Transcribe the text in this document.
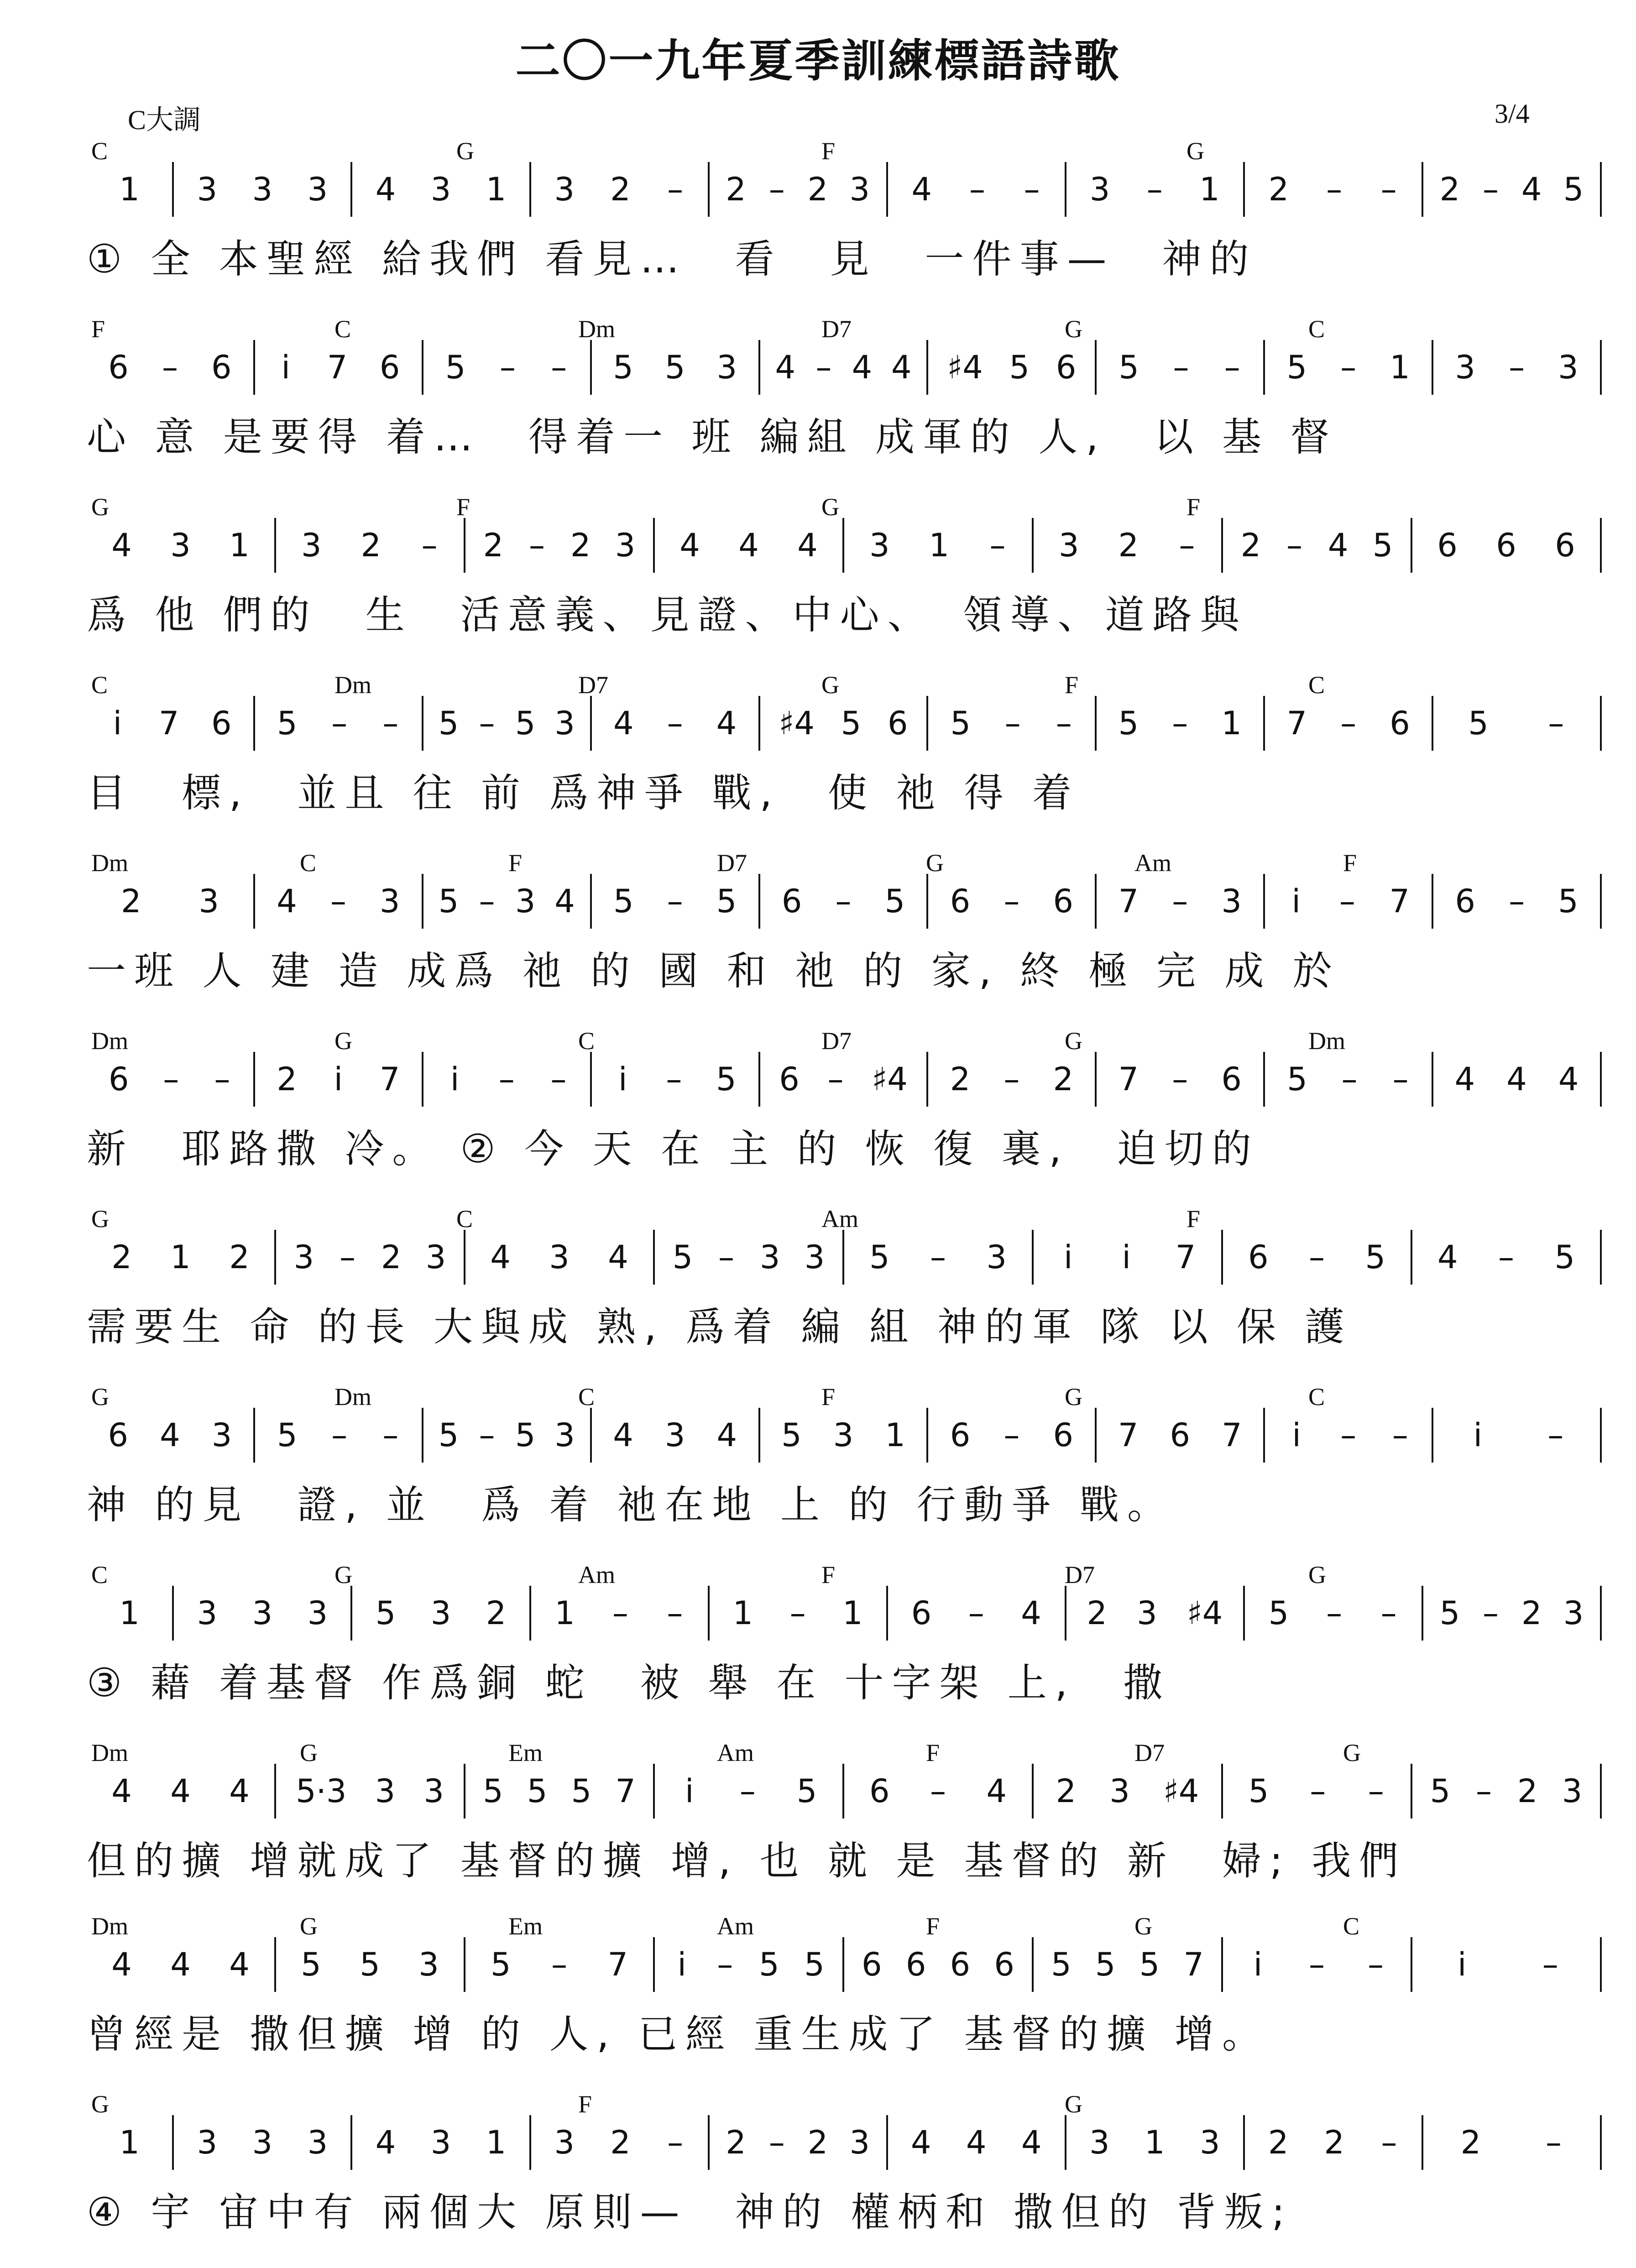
二〇一九年夏季訓練標語詩歌
C大調	3/4
C	G	F	G
1 3 3 3 4 3 1 3 2 – 2 – 2 3 4 – – 3 – 1 2 – – 2 – 4 5
① 全 本聖經 給我們 看見…　看　見　一件事—　神的
F	C	Dm	D7	G	C
6 – 6 i 7 6 5 – – 5 5 3 4 – 4 4 ♯4 5 6 5 – – 5 – 1 3 – 3
心 意 是要得 着…　得着一 班 編組 成軍的 人,　以 基 督
G	F	G	F
4 3 1 3 2 – 2 – 2 3 4 4 4 3 1 – 3 2 – 2 – 4 5 6 6 6
爲 他 們的　生　活意義、見證、中心、　領導、道路與
C	Dm	D7	G	F	C
i 7 6 5 – – 5 – 5 3 4 – 4 ♯4 5 6 5 – – 5 – 1 7 – 6 5 –
目　標,　並且 往 前 爲神爭 戰,　使 祂 得 着
Dm	C	F	D7	G	Am	F
2 3 4 – 3 5 – 3 4 5 – 5 6 – 5 6 – 6 7 – 3 i – 7 6 – 5
一班 人 建 造 成爲 祂 的 國 和 祂 的 家, 終 極 完 成 於
Dm	G	C	D7	G	Dm
6 – – 2 i 7 i – – i – 5 6 – ♯4 2 – 2 7 – 6 5 – – 4 4 4
新　耶路撒 冷。 ② 今 天 在 主 的 恢 復 裏,　迫切的
G	C	Am	F
2 1 2 3 – 2 3 4 3 4 5 – 3 3 5 – 3 i i 7 6 – 5 4 – 5
需要生 命 的長 大與成 熟, 爲着 編 組 神的軍 隊 以 保 護
G	Dm	C	F	G	C
6 4 3 5 – – 5 – 5 3 4 3 4 5 3 1 6 – 6 7 6 7 i – – i –
神 的見　證, 並　爲 着 祂在地 上 的 行動爭 戰。
C	G	Am	F	D7	G
1 3 3 3 5 3 2 1 – – 1 – 1 6 – 4 2 3 ♯4 5 – – 5 – 2 3
③ 藉 着基督 作爲銅 蛇　被 舉 在 十字架 上,　撒
Dm	G	Em	Am	F	D7	G
4 4 4 5·3 3 3 5 5 5 7 i – 5 6 – 4 2 3 ♯4 5 – – 5 – 2 3
但的擴 增就成了 基督的擴 增, 也 就 是 基督的 新　婦; 我們
Dm	G	Em	Am	F	G	C
4 4 4 5 5 3 5 – 7 i – 5 5 6 6 6 6 5 5 5 7 i – – i –
曾經是 撒但擴 增 的 人, 已經 重生成了 基督的擴 增。
G	F	G
1 3 3 3 4 3 1 3 2 – 2 – 2 3 4 4 4 3 1 3 2 2 – 2 –
④ 宇 宙中有 兩個大 原則—　神的 權柄和 撒但的 背叛;
